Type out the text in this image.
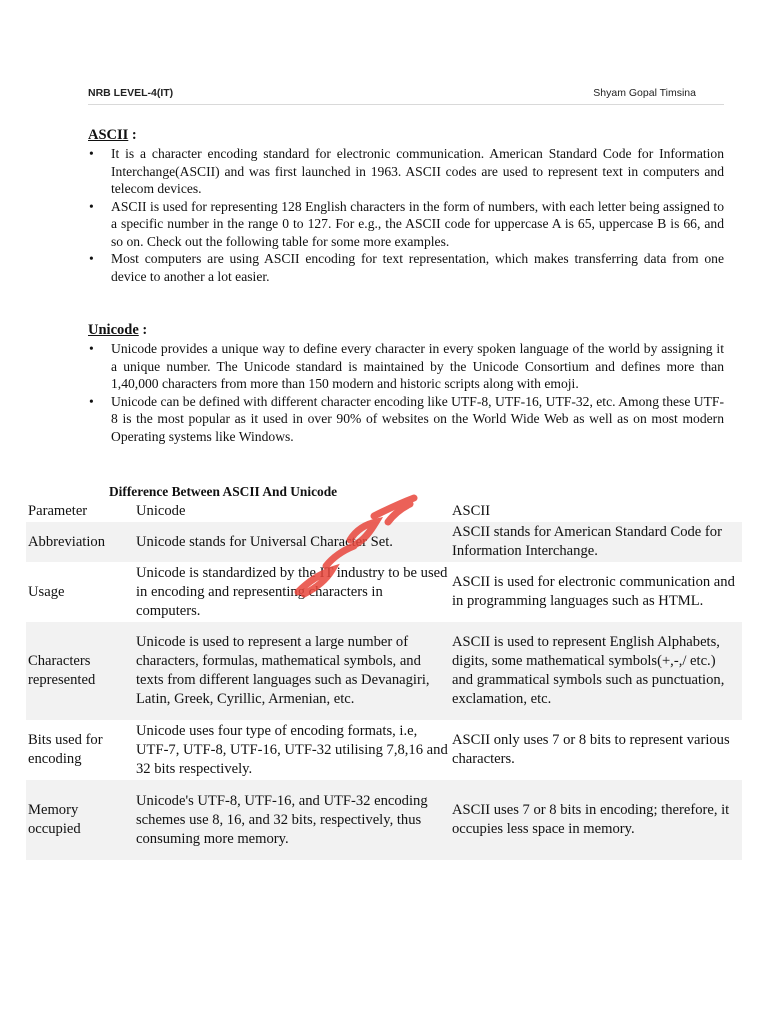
NRB LEVEL-4(IT)	Shyam Gopal Timsina
ASCII :
• It is a character encoding standard for electronic communication. American Standard Code for Information Interchange(ASCII) and was first launched in 1963. ASCII codes are used to represent text in computers and telecom devices.
• ASCII is used for representing 128 English characters in the form of numbers, with each letter being assigned to a specific number in the range 0 to 127. For e.g., the ASCII code for uppercase A is 65, uppercase B is 66, and so on. Check out the following table for some more examples.
• Most computers are using ASCII encoding for text representation, which makes transferring data from one device to another a lot easier.
Unicode :
• Unicode provides a unique way to define every character in every spoken language of the world by assigning it a unique number. The Unicode standard is maintained by the Unicode Consortium and defines more than 1,40,000 characters from more than 150 modern and historic scripts along with emoji.
• Unicode can be defined with different character encoding like UTF-8, UTF-16, UTF-32, etc. Among these UTF-8 is the most popular as it used in over 90% of websites on the World Wide Web as well as on most modern Operating systems like Windows.
Difference Between ASCII And Unicode
Parameter	Unicode	ASCII
Abbreviation	Unicode stands for Universal Character Set.	ASCII stands for American Standard Code for Information Interchange.
Usage	Unicode is standardized by the IT industry to be used in encoding and representing characters in computers.	ASCII is used for electronic communication and in programming languages such as HTML.
Characters represented	Unicode is used to represent a large number of characters, formulas, mathematical symbols, and texts from different languages such as Devanagiri, Latin, Greek, Cyrillic, Armenian, etc.	ASCII is used to represent English Alphabets, digits, some mathematical symbols(+,-,/ etc.) and grammatical symbols such as punctuation, exclamation, etc.
Bits used for encoding	Unicode uses four type of encoding formats, i.e, UTF-7, UTF-8, UTF-16, UTF-32 utilising 7,8,16 and 32 bits respectively.	ASCII only uses 7 or 8 bits to represent various characters.
Memory occupied	Unicode's UTF-8, UTF-16, and UTF-32 encoding schemes use 8, 16, and 32 bits, respectively, thus consuming more memory.	ASCII uses 7 or 8 bits in encoding; therefore, it occupies less space in memory.
